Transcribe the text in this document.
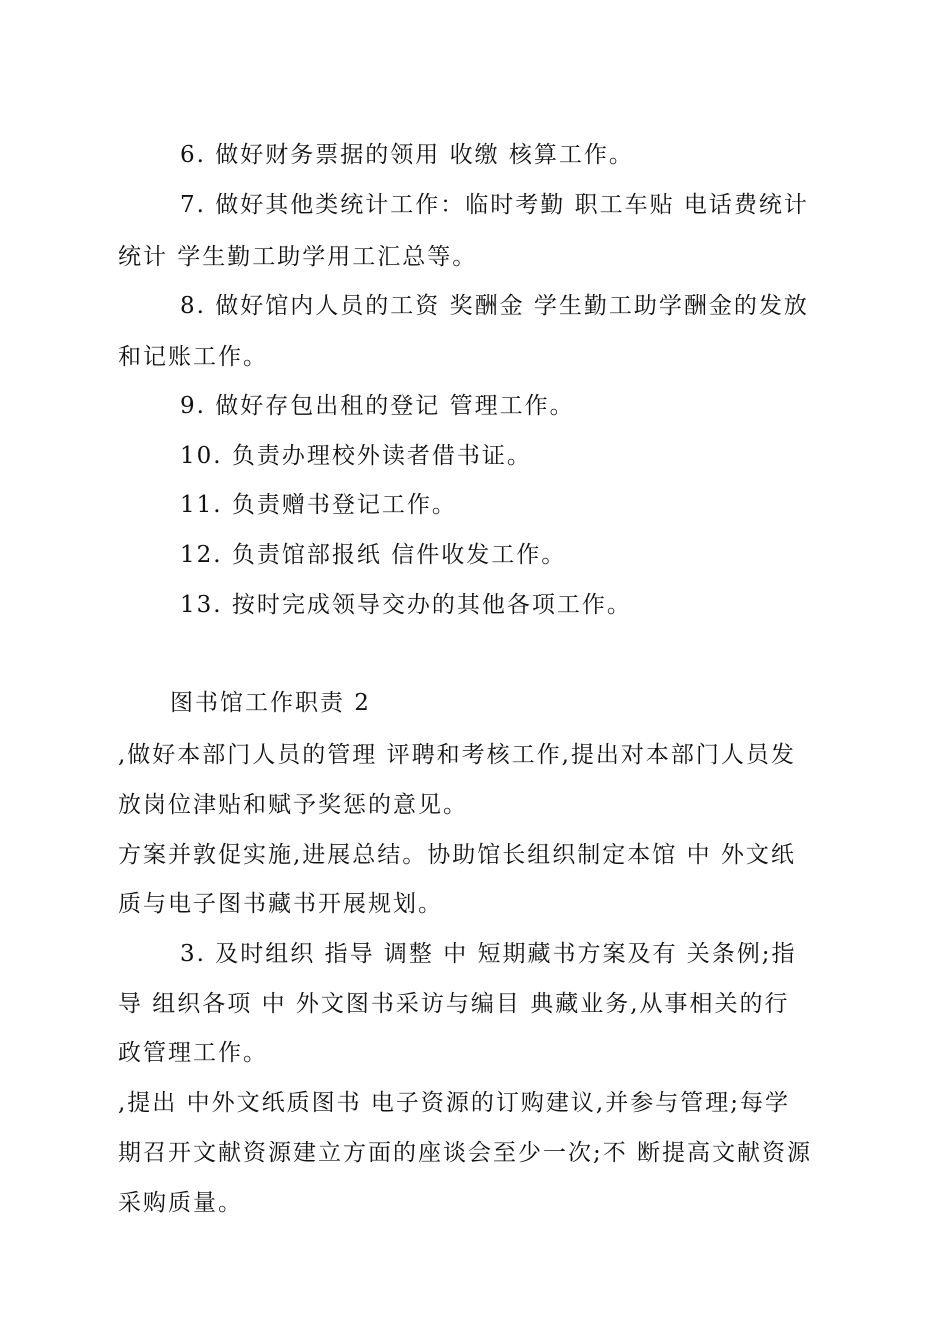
6. 做好财务票据的领用 收缴 核算工作。
7. 做好其他类统计工作：临时考勤 职工车贴 电话费统计
统计 学生勤工助学用工汇总等。
8. 做好馆内人员的工资 奖酬金 学生勤工助学酬金的发放
和记账工作。
9. 做好存包出租的登记 管理工作。
10. 负责办理校外读者借书证。
11. 负责赠书登记工作。
12. 负责馆部报纸 信件收发工作。
13. 按时完成领导交办的其他各项工作。
图书馆工作职责 2
,做好本部门人员的管理 评聘和考核工作,提出对本部门人员发
放岗位津贴和赋予奖惩的意见。
方案并敦促实施,进展总结。协助馆长组织制定本馆 中 外文纸
质与电子图书藏书开展规划。
3. 及时组织 指导 调整 中 短期藏书方案及有 关条例;指
导 组织各项 中 外文图书采访与编目 典藏业务,从事相关的行
政管理工作。
,提出 中外文纸质图书 电子资源的订购建议,并参与管理;每学
期召开文献资源建立方面的座谈会至少一次;不 断提高文献资源
采购质量。
